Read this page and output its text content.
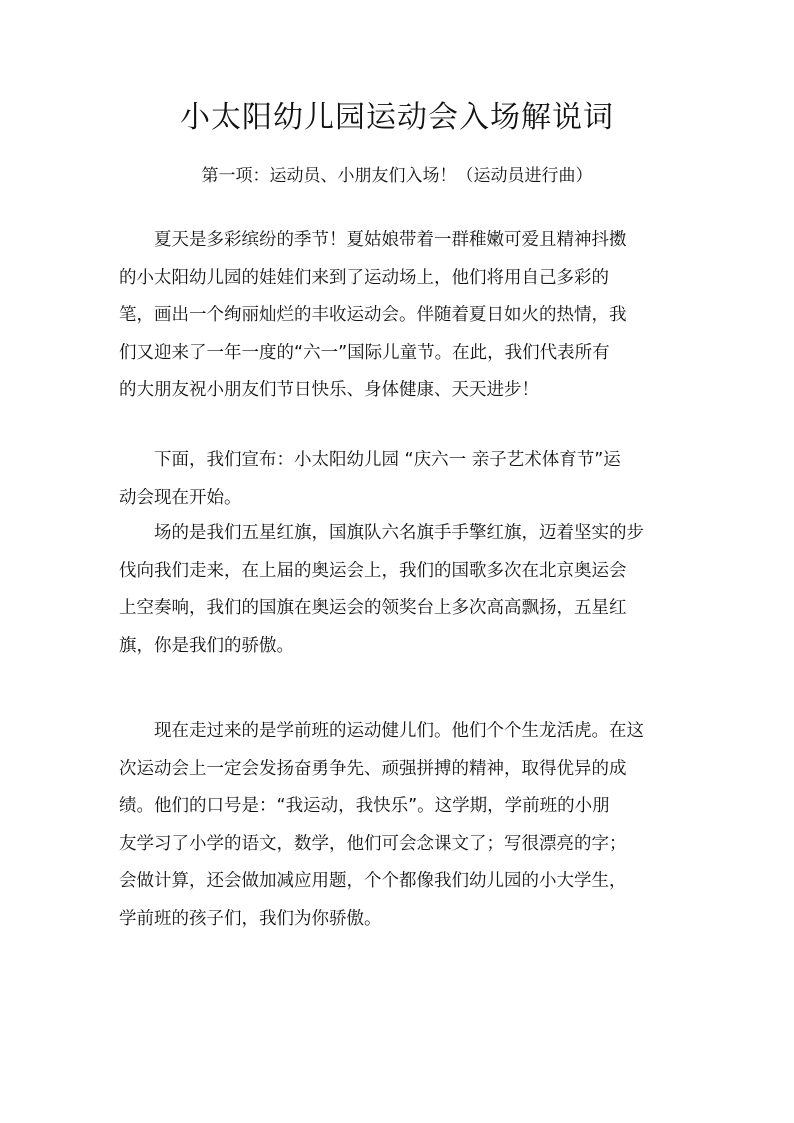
小太阳幼儿园运动会入场解说词

第一项：运动员、小朋友们入场！（运动员进行曲）

夏天是多彩缤纷的季节！夏姑娘带着一群稚嫩可爱且精神抖擞
的小太阳幼儿园的娃娃们来到了运动场上，他们将用自己多彩的
笔，画出一个绚丽灿烂的丰收运动会。伴随着夏日如火的热情，我
们又迎来了一年一度的“六一”国际儿童节。在此，我们代表所有
的大朋友祝小朋友们节日快乐、身体健康、天天进步！

下面，我们宣布：小太阳幼儿园 “庆六一 亲子艺术体育节”运
动会现在开始。

场的是我们五星红旗，国旗队六名旗手手擎红旗，迈着坚实的步
伐向我们走来，在上届的奥运会上，我们的国歌多次在北京奥运会
上空奏响，我们的国旗在奥运会的领奖台上多次高高飘扬，五星红
旗，你是我们的骄傲。

现在走过来的是学前班的运动健儿们。他们个个生龙活虎。在这
次运动会上一定会发扬奋勇争先、顽强拼搏的精神，取得优异的成
绩。他们的口号是：“我运动，我快乐”。这学期，学前班的小朋
友学习了小学的语文，数学，他们可会念课文了；写很漂亮的字；
会做计算，还会做加减应用题，个个都像我们幼儿园的小大学生，
学前班的孩子们，我们为你骄傲。
